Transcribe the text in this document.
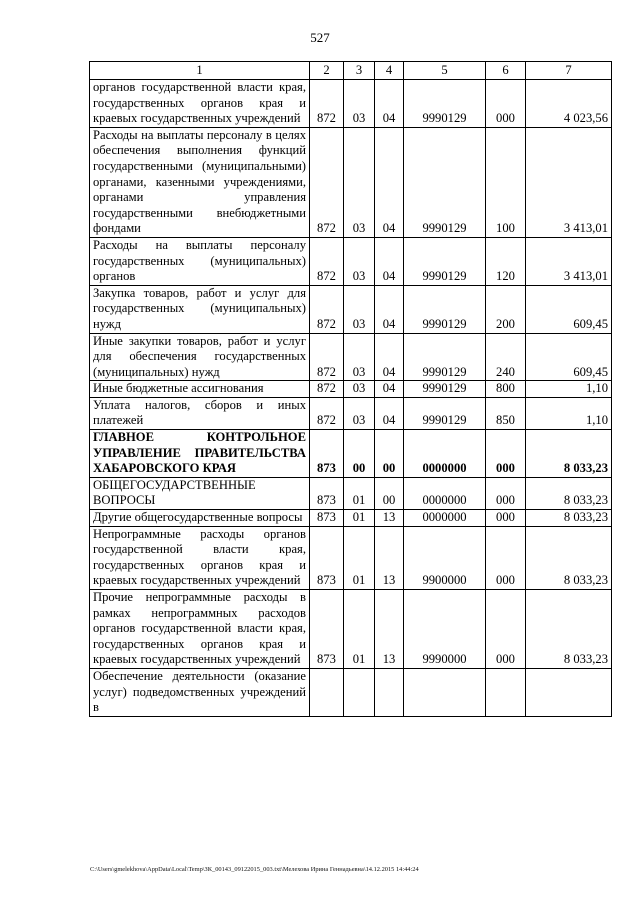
527
1	2	3	4	5	6	7
органов государственной власти края, государственных органов края и краевых государственных учреждений	872	03	04	9990129	000	4 023,56
Расходы на выплаты персоналу в целях обеспечения выполнения функций государственными (муниципальными) органами, казенными учреждениями, органами управления государственными внебюджетными фондами	872	03	04	9990129	100	3 413,01
Расходы на выплаты персоналу государственных (муниципальных) органов	872	03	04	9990129	120	3 413,01
Закупка товаров, работ и услуг для государственных (муниципальных) нужд	872	03	04	9990129	200	609,45
Иные закупки товаров, работ и услуг для обеспечения государственных (муниципальных) нужд	872	03	04	9990129	240	609,45
Иные бюджетные ассигнования	872	03	04	9990129	800	1,10
Уплата налогов, сборов и иных платежей	872	03	04	9990129	850	1,10
ГЛАВНОЕ КОНТРОЛЬНОЕ УПРАВЛЕНИЕ ПРАВИТЕЛЬСТВА ХАБАРОВСКОГО КРАЯ	873	00	00	0000000	000	8 033,23
ОБЩЕГОСУДАРСТВЕННЫЕ ВОПРОСЫ	873	01	00	0000000	000	8 033,23
Другие общегосударственные вопросы	873	01	13	0000000	000	8 033,23
Непрограммные расходы органов государственной власти края, государственных органов края и краевых государственных учреждений	873	01	13	9900000	000	8 033,23
Прочие непрограммные расходы в рамках непрограммных расходов органов государственной власти края, государственных органов края и краевых государственных учреждений	873	01	13	9990000	000	8 033,23
Обеспечение деятельности (оказание услуг) подведомственных учреждений в						
C:\Users\gmelekhova\AppData\Local\Temp\ЗК_00143_09122015_003.txt\Мелехова Ирина Геннадьевна\14.12.2015 14:44:24
